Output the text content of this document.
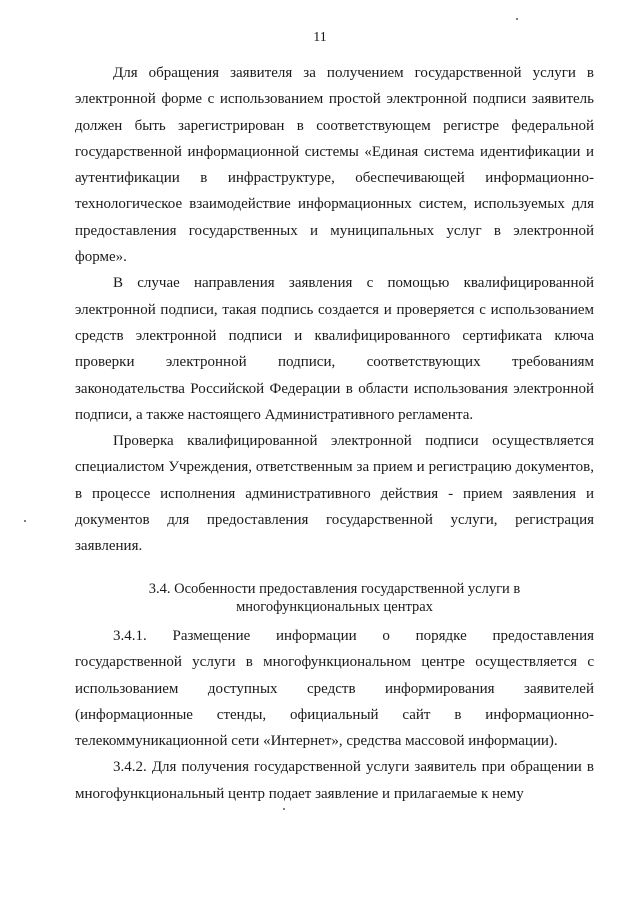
11

Для обращения заявителя за получением государственной услуги в электронной форме с использованием простой электронной подписи заявитель должен быть зарегистрирован в соответствующем регистре федеральной государственной информационной системы «Единая система идентификации и аутентификации в инфраструктуре, обеспечивающей информационно-технологическое взаимодействие информационных систем, используемых для предоставления государственных и муниципальных услуг в электронной форме».

В случае направления заявления с помощью квалифицированной электронной подписи, такая подпись создается и проверяется с использованием средств электронной подписи и квалифицированного сертификата ключа проверки электронной подписи, соответствующих требованиям законодательства Российской Федерации в области использования электронной подписи, а также настоящего Административного регламента.

Проверка квалифицированной электронной подписи осуществляется специалистом Учреждения, ответственным за прием и регистрацию документов, в процессе исполнения административного действия - прием заявления и документов для предоставления государственной услуги, регистрация заявления.

3.4. Особенности предоставления государственной услуги в
многофункциональных центрах

3.4.1. Размещение информации о порядке предоставления государственной услуги в многофункциональном центре осуществляется с использованием доступных средств информирования заявителей (информационные стенды, официальный сайт в информационно-телекоммуникационной сети «Интернет», средства массовой информации).

3.4.2. Для получения государственной услуги заявитель при обращении в многофункциональный центр подает заявление и прилагаемые к нему
